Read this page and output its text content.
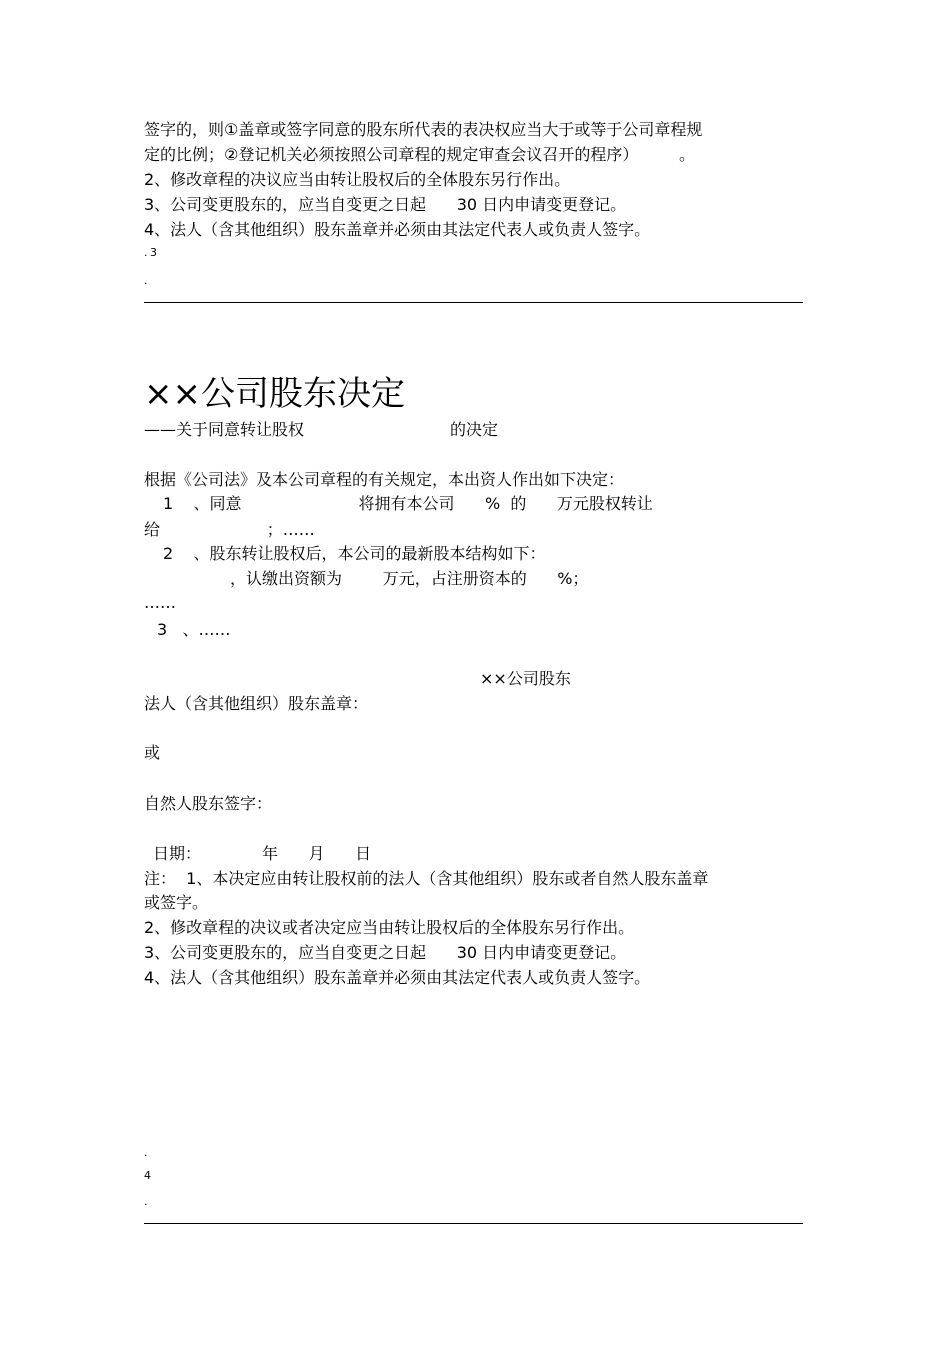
签字的，则①盖章或签字同意的股东所代表的表决权应当大于或等于公司章程规
定的比例；②登记机关必须按照公司章程的规定审查会议召开的程序）        。
2、修改章程的决议应当由转让股权后的全体股东另行作出。
3、公司变更股东的，应当自变更之日起      30 日内申请变更登记。
4、法人（含其他组织）股东盖章并必须由其法定代表人或负责人签字。
. 3
.
××公司股东决定
——关于同意转让股权	的决定
根据《公司法》及本公司章程的有关规定，本出资人作出如下决定：
1    、同意                       将拥有本公司      %  的      万元股权转让
给                     ；……
2    、股东转让股权后，本公司的最新股本结构如下：
，认缴出资额为        万元，占注册资本的      %；
……
3   、……
××公司股东
法人（含其他组织）股东盖章：
或
自然人股东签字：
日期：            年      月      日
注：  1、本决定应由转让股权前的法人（含其他组织）股东或者自然人股东盖章
或签字。
2、修改章程的决议或者决定应当由转让股权后的全体股东另行作出。
3、公司变更股东的，应当自变更之日起      30 日内申请变更登记。
4、法人（含其他组织）股东盖章并必须由其法定代表人或负责人签字。
.
4
.
